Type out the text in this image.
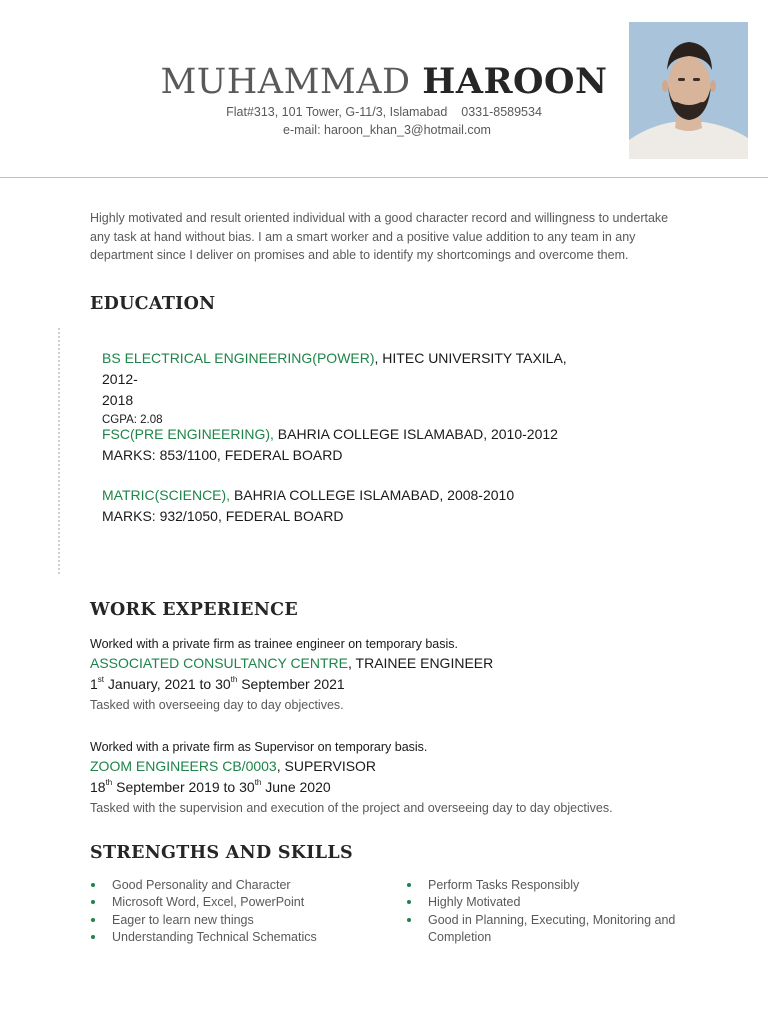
MUHAMMAD HAROON
Flat#313, 101 Tower, G-11/3, Islamabad 0331-8589534
e-mail: haroon_khan_3@hotmail.com
Highly motivated and result oriented individual with a good character record and willingness to undertake any task at hand without bias. I am a smart worker and a positive value addition to any team in any department since I deliver on promises and able to identify my shortcomings and overcome them.
EDUCATION
BS ELECTRICAL ENGINEERING(POWER), HITEC UNIVERSITY TAXILA, 2012-
2018
CGPA: 2.08
FSC(PRE ENGINEERING), BAHRIA COLLEGE ISLAMABAD, 2010-2012
MARKS: 853/1100, FEDERAL BOARD
MATRIC(SCIENCE), BAHRIA COLLEGE ISLAMABAD, 2008-2010
MARKS: 932/1050, FEDERAL BOARD
WORK EXPERIENCE
Worked with a private firm as trainee engineer on temporary basis.
ASSOCIATED CONSULTANCY CENTRE, TRAINEE ENGINEER
1st January, 2021 to 30th September 2021
Tasked with overseeing day to day objectives.
Worked with a private firm as Supervisor on temporary basis.
ZOOM ENGINEERS CB/0003, SUPERVISOR
18th September 2019 to 30th June 2020
Tasked with the supervision and execution of the project and overseeing day to day objectives.
STRENGTHS AND SKILLS
Good Personality and Character
Microsoft Word, Excel, PowerPoint
Eager to learn new things
Understanding Technical Schematics
Perform Tasks Responsibly
Highly Motivated
Good in Planning, Executing, Monitoring and Completion
